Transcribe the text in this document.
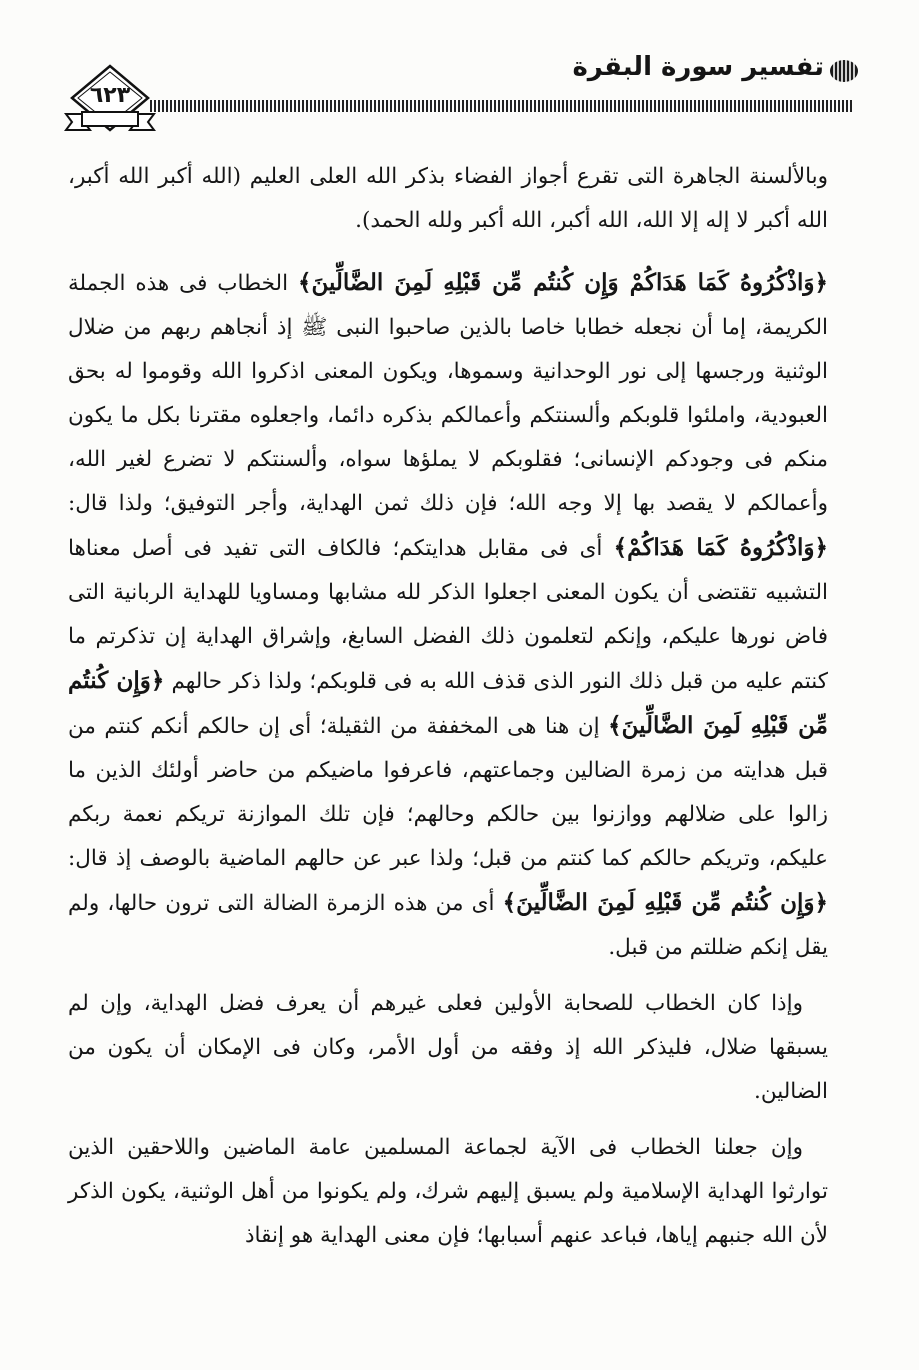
تفسير سورة البقرة
٦٢٣

وبالألسنة الجاهرة التى تقرع أجواز الفضاء بذكر الله العلى العليم (الله أكبر الله أكبر، الله أكبر لا إله إلا الله، الله أكبر، الله أكبر ولله الحمد).

﴿وَاذْكُرُوهُ كَمَا هَدَاكُمْ وَإِن كُنتُم مِّن قَبْلِهِ لَمِنَ الضَّالِّينَ﴾ الخطاب فى هذه الجملة الكريمة، إما أن نجعله خطابا خاصا بالذين صاحبوا النبى ﷺ إذ أنجاهم ربهم من ضلال الوثنية ورجسها إلى نور الوحدانية وسموها، ويكون المعنى اذكروا الله وقوموا له بحق العبودية، واملئوا قلوبكم وألسنتكم وأعمالكم بذكره دائما، واجعلوه مقترنا بكل ما يكون منكم فى وجودكم الإنسانى؛ فقلوبكم لا يملؤها سواه، وألسنتكم لا تضرع لغير الله، وأعمالكم لا يقصد بها إلا وجه الله؛ فإن ذلك ثمن الهداية، وأجر التوفيق؛ ولذا قال: ﴿وَاذْكُرُوهُ كَمَا هَدَاكُمْ﴾ أى فى مقابل هدايتكم؛ فالكاف التى تفيد فى أصل معناها التشبيه تقتضى أن يكون المعنى اجعلوا الذكر لله مشابها ومساويا للهداية الربانية التى فاض نورها عليكم، وإنكم لتعلمون ذلك الفضل السابغ، وإشراق الهداية إن تذكرتم ما كنتم عليه من قبل ذلك النور الذى قذف الله به فى قلوبكم؛ ولذا ذكر حالهم ﴿وَإِن كُنتُم مِّن قَبْلِهِ لَمِنَ الضَّالِّينَ﴾ إن هنا هى المخففة من الثقيلة؛ أى إن حالكم أنكم كنتم من قبل هدايته من زمرة الضالين وجماعتهم، فاعرفوا ماضيكم من حاضر أولئك الذين ما زالوا على ضلالهم ووازنوا بين حالكم وحالهم؛ فإن تلك الموازنة تريكم نعمة ربكم عليكم، وتريكم حالكم كما كنتم من قبل؛ ولذا عبر عن حالهم الماضية بالوصف إذ قال: ﴿وَإِن كُنتُم مِّن قَبْلِهِ لَمِنَ الضَّالِّينَ﴾ أى من هذه الزمرة الضالة التى ترون حالها، ولم يقل إنكم ضللتم من قبل.

وإذا كان الخطاب للصحابة الأولين فعلى غيرهم أن يعرف فضل الهداية، وإن لم يسبقها ضلال، فليذكر الله إذ وفقه من أول الأمر، وكان فى الإمكان أن يكون من الضالين.

وإن جعلنا الخطاب فى الآية لجماعة المسلمين عامة الماضين واللاحقين الذين توارثوا الهداية الإسلامية ولم يسبق إليهم شرك، ولم يكونوا من أهل الوثنية، يكون الذكر لأن الله جنبهم إياها، فباعد عنهم أسبابها؛ فإن معنى الهداية هو إنقاذ
